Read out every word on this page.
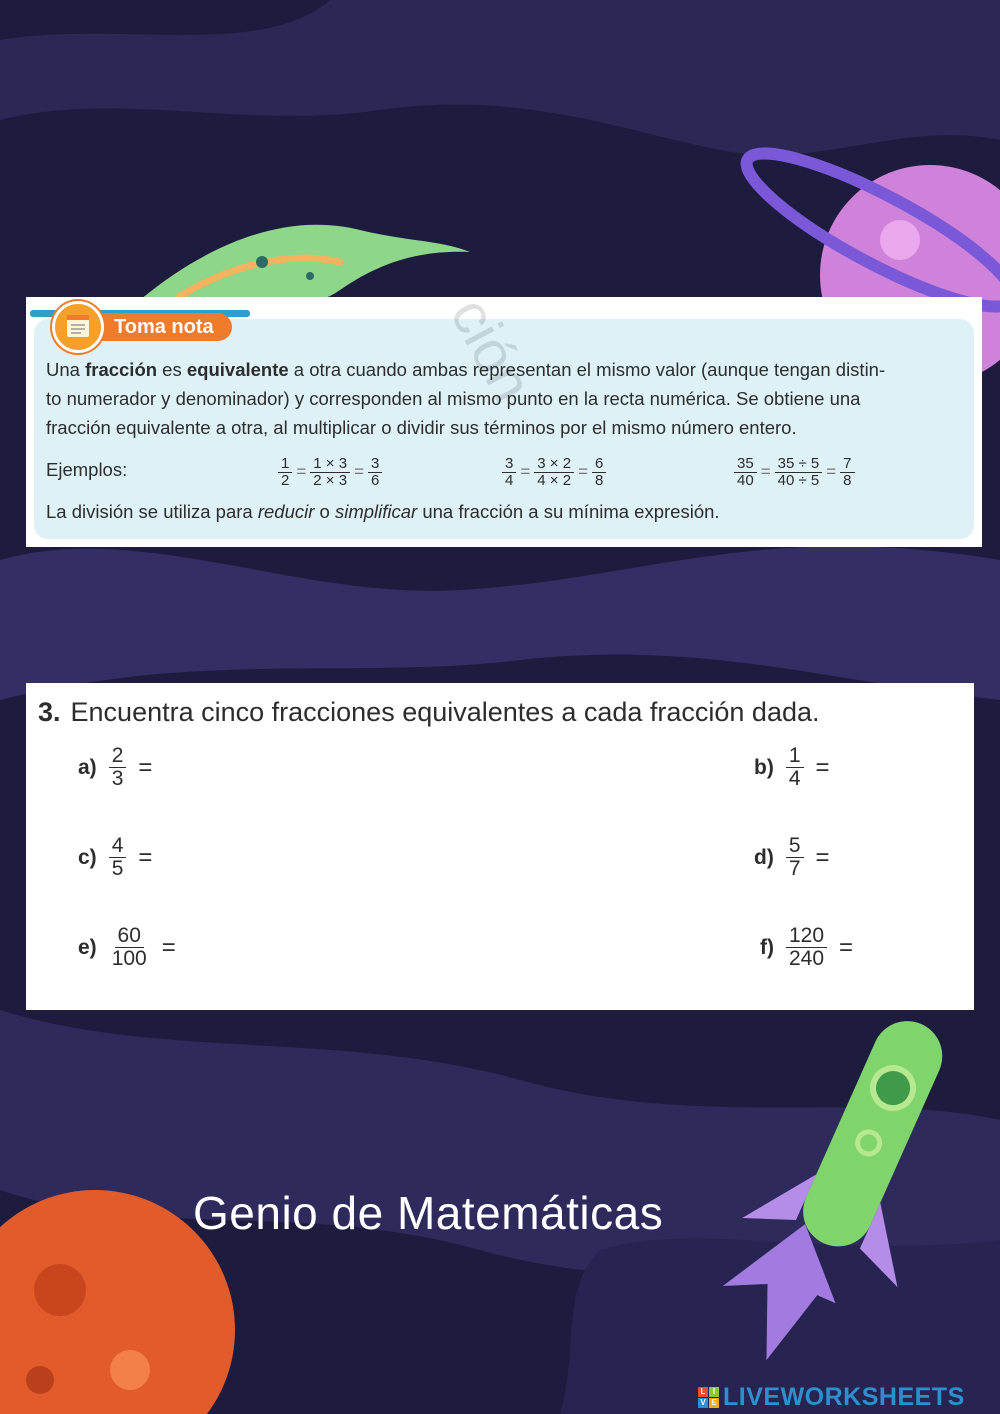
Toma nota
Una fracción es equivalente a otra cuando ambas representan el mismo valor (aunque tengan distin-
to numerador y denominador) y corresponden al mismo punto en la recta numérica. Se obtiene una
fracción equivalente a otra, al multiplicar o dividir sus términos por el mismo número entero.
Ejemplos:	$\frac{1}{2} = \frac{1 \times 3}{2 \times 3} = \frac{3}{6}$	$\frac{3}{4} = \frac{3 \times 2}{4 \times 2} = \frac{6}{8}$	$\frac{35}{40} = \frac{35 \div 5}{40 \div 5} = \frac{7}{8}$
La división se utiliza para reducir o simplificar una fracción a su mínima expresión.
ción
3. Encuentra cinco fracciones equivalentes a cada fracción dada.
$a) \frac{2}{3}$ =	$b) \frac{1}{4}$ =
$c) \frac{4}{5}$ =	$d) \frac{5}{7}$ =
$e) \frac{60}{100}$ =	$f) \frac{120}{240}$ =
Genio de Matemáticas
L I
V E LIVEWORKSHEETS
